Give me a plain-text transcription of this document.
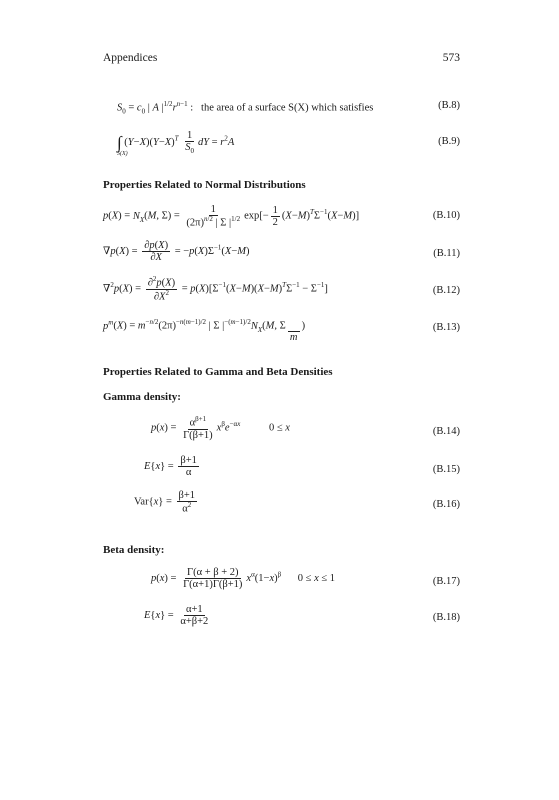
Appendices	573
$S_0 = c_0$ | A $|^{1/2}r^{n-1}$ :   the area of a surface S(X) which satisfies	(B.8)
∫
S(X)
$(Y-X)(Y-X)^T \frac{1}{S_0}$ dY = $r^2A$	(B.9)
Properties Related to Normal Distributions
$p(X) = N_X(M$, $\Sigma) = \frac{1}{(2\pi)^{n/2} | \Sigma |^{1/2}} \exp[- \frac{1}{2} (X-M)^T\Sigma^{-1}(X-M)]$	(B.10)
$\nabla p(X) = \frac{\partial p(X)}{\partial X} = -p(X)\Sigma^{-1}(X-M)$	(B.11)
$\nabla^2p(X) = \frac{\partial^2p(X)}{\partial X^2} = p(X)[\Sigma^{-1}(X-M)(X-M)^T\Sigma^{-1} - \Sigma^{-1}]$	(B.12)
$p^m(X) = m^{-n/2}(2\pi)^{-n(m-1)/2}$ | Σ $|^{-(m-1)/2}N_X(M$, Σ

m
)	(B.13)
Properties Related to Gamma and Beta Densities
Gamma density:
$p(x) = \frac{\alpha^{\beta+1}}{\Gamma(\beta+1)} x^\beta e^{-\alpha x}$	0 ≤ x	(B.14)
$E\{x\} = \frac{\beta+1}{\alpha}$	(B.15)
$Var\{x\} = \frac{\beta+1}{\alpha^2}$	(B.16)
Beta density:
$p(x) = \frac{\Gamma(\alpha + \beta + 2)}{\Gamma(\alpha+1)\Gamma(\beta+1)} x^\alpha(1-x)^\beta$ 0 ≤ x ≤ 1	(B.17)
$E\{x\} = \frac{\alpha+1}{\alpha+\beta+2}$	(B.18)
